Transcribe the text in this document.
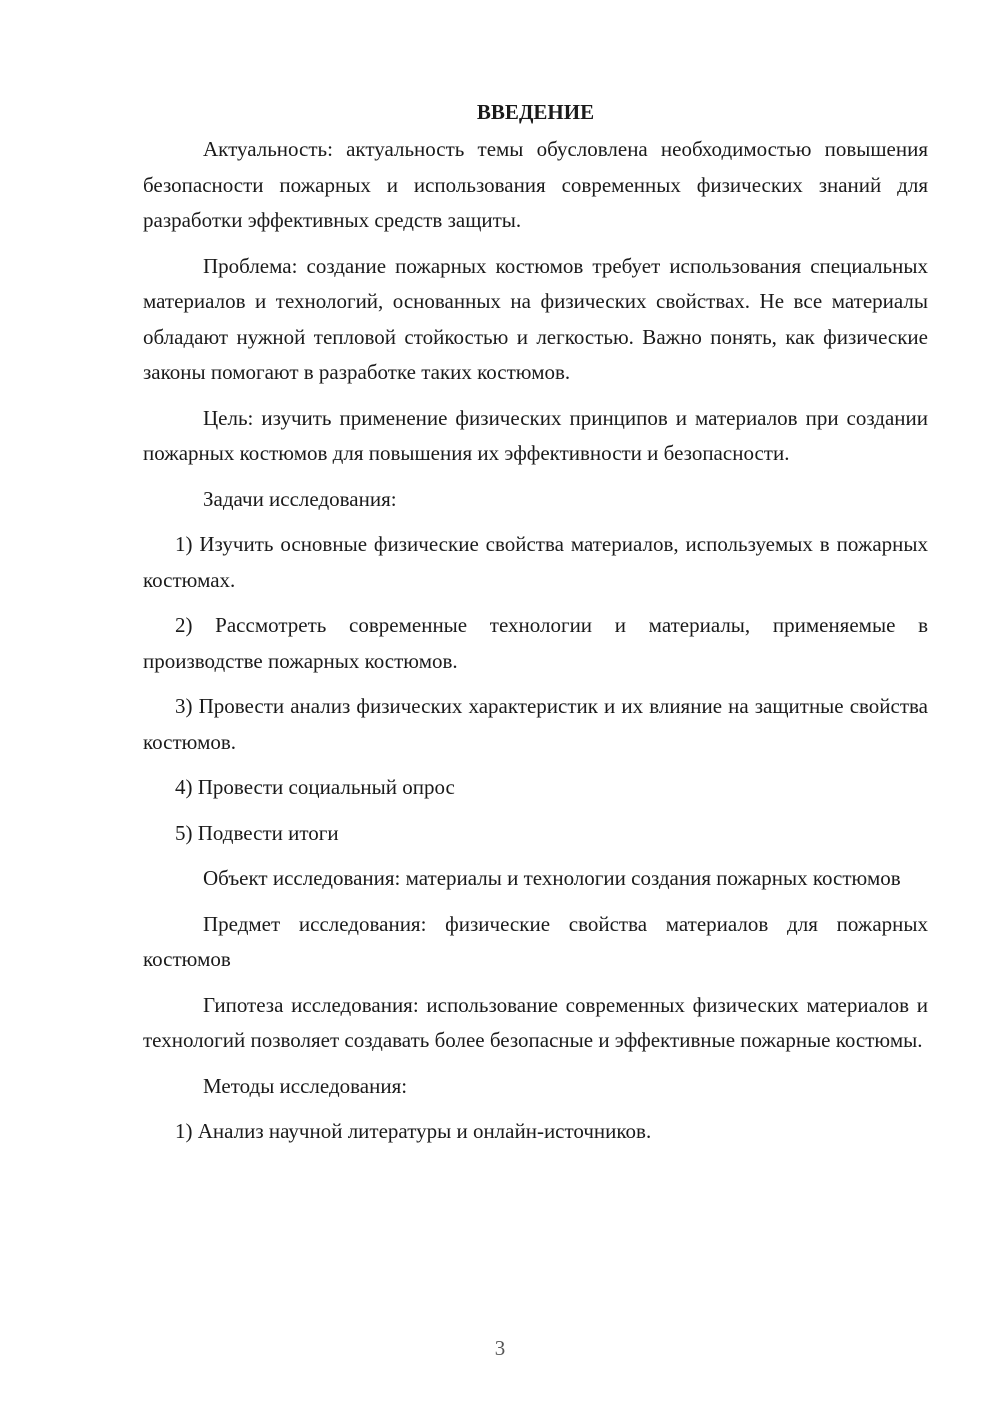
ВВЕДЕНИЕ

Актуальность: актуальность темы обусловлена необходимостью повышения безопасности пожарных и использования современных физических знаний для разработки эффективных средств защиты.

Проблема: создание пожарных костюмов требует использования специальных материалов и технологий, основанных на физических свойствах. Не все материалы обладают нужной тепловой стойкостью и легкостью. Важно понять, как физические законы помогают в разработке таких костюмов.

Цель: изучить применение физических принципов и материалов при создании пожарных костюмов для повышения их эффективности и безопасности.

Задачи исследования:

1) Изучить основные физические свойства материалов, используемых в пожарных костюмах.

2) Рассмотреть современные технологии и материалы, применяемые в производстве пожарных костюмов.

3) Провести анализ физических характеристик и их влияние на защитные свойства костюмов.

4) Провести социальный опрос

5) Подвести итоги

Объект исследования: материалы и технологии создания пожарных костюмов

Предмет исследования: физические свойства материалов для пожарных костюмов

Гипотеза исследования: использование современных физических материалов и технологий позволяет создавать более безопасные и эффективные пожарные костюмы.

Методы исследования:

1) Анализ научной литературы и онлайн-источников.

3
